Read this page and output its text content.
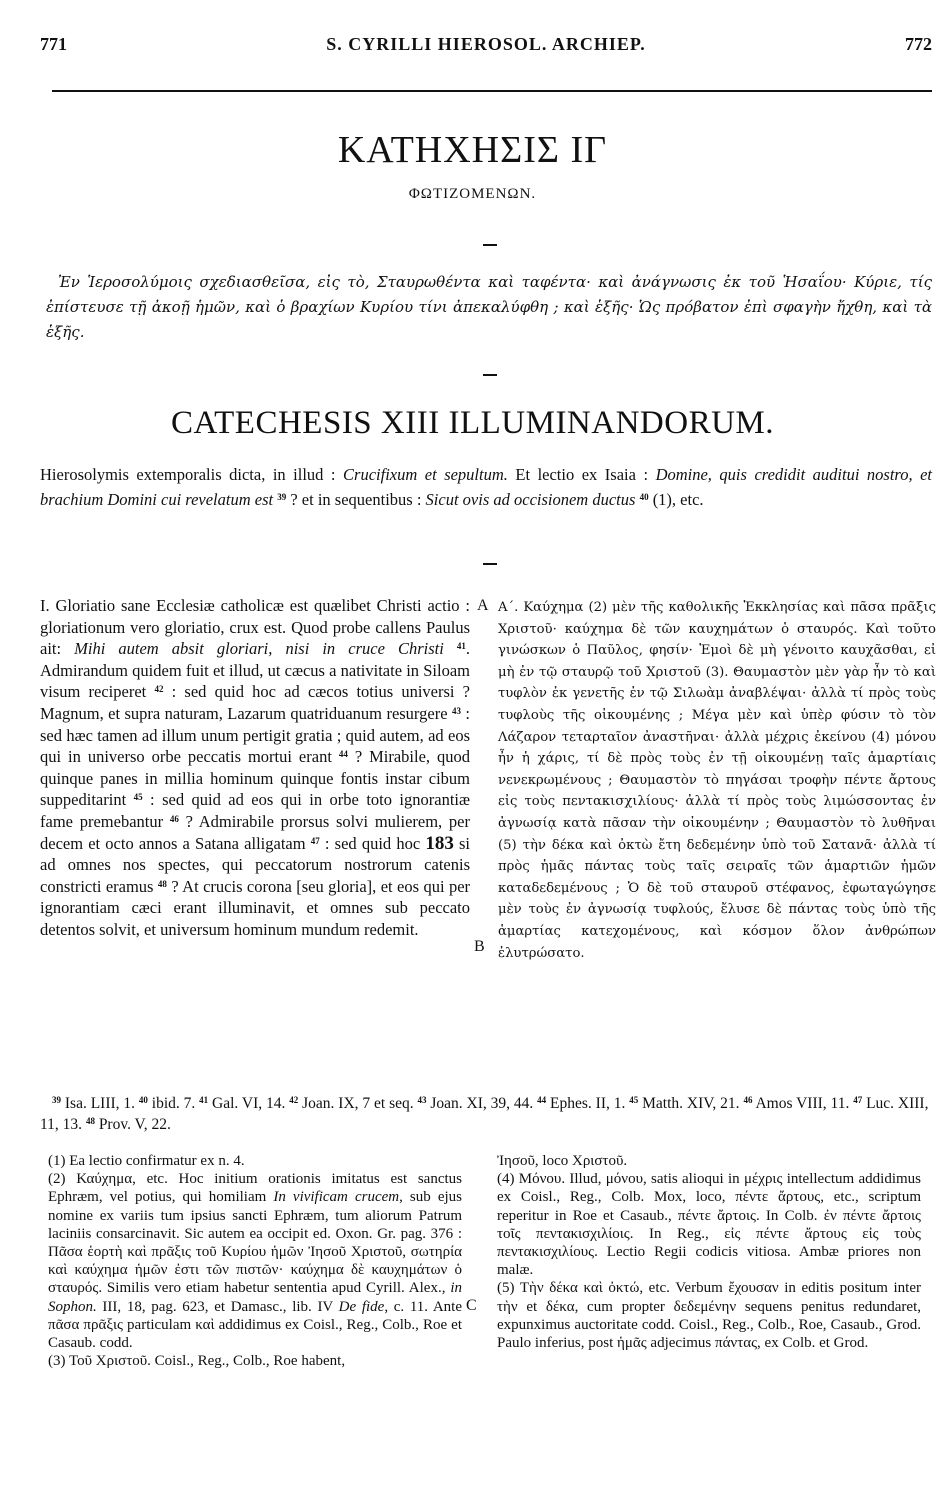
771	S. CYRILLI HIEROSOL. ARCHIEP.	772
ΚΑΤΗΧΗΣΙΣ ΙΓ
ΦΩΤΙΖΟΜΕΝΩΝ.

Ἐν Ἱεροσολύμοις σχεδιασθεῖσα, εἰς τὸ, Σταυρωθέντα καὶ ταφέντα· καὶ ἀνάγνωσις ἐκ τοῦ Ἡσαΐου· Κύριε, τίς ἐπίστευσε τῇ ἀκοῇ ἡμῶν, καὶ ὁ βραχίων Κυρίου τίνι ἀπεκαλύφθη ; καὶ ἑξῆς· Ὡς πρόβατον ἐπὶ σφαγὴν ἤχθη, καὶ τὰ ἑξῆς.

CATECHESIS XIII ILLUMINANDORUM.

Hierosolymis extemporalis dicta, in illud : Crucifixum et sepultum. Et lectio ex Isaia : Domine, quis credidit auditui nostro, et brachium Domini cui revelatum est $^{39}$ ? et in sequentibus : Sicut ovis ad occisionem ductus $^{40}$ (1), etc.

I. Gloriatio sane Ecclesiæ catholicæ est quælibet Christi actio : gloriationum vero gloriatio, crux est. Quod probe callens Paulus ait: Mihi autem absit gloriari, nisi in cruce Christi $^{41}$. Admirandum quidem fuit et illud, ut cæcus a nativitate in Siloam visum reciperet $^{42}$ : sed quid hoc ad cæcos totius universi ? Magnum, et supra naturam, Lazarum quatriduanum resurgere $^{43}$ : sed hæc tamen ad illum unum pertigit gratia ; quid autem, ad eos qui in universo orbe peccatis mortui erant $^{44}$ ? Mirabile, quod quinque panes in millia hominum quinque fontis instar cibum suppeditarint $^{45}$ : sed quid ad eos qui in orbe toto ignorantiæ fame premebantur $^{46}$ ? Admirabile prorsus solvi mulierem, per decem et octo annos a Satana alligatam $^{47}$ : sed quid hoc 183 si ad omnes nos spectes, qui peccatorum nostrorum catenis constricti eramus $^{48}$ ? At crucis corona [seu gloria], et eos qui per ignorantiam cæci erant illuminavit, et omnes sub peccato detentos solvit, et universum hominum mundum redemit.

Α΄. Καύχημα (2) μὲν τῆς καθολικῆς Ἐκκλησίας καὶ πᾶσα πρᾶξις Χριστοῦ· καύχημα δὲ τῶν καυχημάτων ὁ σταυρός. Καὶ τοῦτο γινώσκων ὁ Παῦλος, φησίν· Ἐμοὶ δὲ μὴ γένοιτο καυχᾶσθαι, εἰ μὴ ἐν τῷ σταυρῷ τοῦ Χριστοῦ (3). Θαυμαστὸν μὲν γὰρ ἦν τὸ καὶ τυφλὸν ἐκ γενετῆς ἐν τῷ Σιλωὰμ ἀναβλέψαι· ἀλλὰ τί πρὸς τοὺς τυφλοὺς τῆς οἰκουμένης ; Μέγα μὲν καὶ ὑπὲρ φύσιν τὸ τὸν Λάζαρον τεταρταῖον ἀναστῆναι· ἀλλὰ μέχρις ἐκείνου (4) μόνου ἦν ἡ χάρις, τί δὲ πρὸς τοὺς ἐν τῇ οἰκουμένῃ ταῖς ἁμαρτίαις νενεκρωμένους ; Θαυμαστὸν τὸ πηγάσαι τροφὴν πέντε ἄρτους εἰς τοὺς πεντακισχιλίους· ἀλλὰ τί πρὸς τοὺς λιμώσσοντας ἐν ἀγνωσίᾳ κατὰ πᾶσαν τὴν οἰκουμένην ; Θαυμαστὸν τὸ λυθῆναι (5) τὴν δέκα καὶ ὀκτὼ ἔτη δεδεμένην ὑπὸ τοῦ Σατανᾶ· ἀλλὰ τί πρὸς ἡμᾶς πάντας τοὺς ταῖς σειραῖς τῶν ἁμαρτιῶν ἡμῶν καταδεδεμένους ; Ὁ δὲ τοῦ σταυροῦ στέφανος, ἐφωταγώγησε μὲν τοὺς ἐν ἀγνωσίᾳ τυφλούς, ἔλυσε δὲ πάντας τοὺς ὑπὸ τῆς ἁμαρτίας κατεχομένους, καὶ κόσμον ὅλον ἀνθρώπων ἐλυτρώσατο.

A
B
C

$^{39}$ Isa. LIII, 1. $^{40}$ ibid. 7. $^{41}$ Gal. VI, 14. $^{42}$ Joan. IX, 7 et seq. $^{43}$ Joan. XI, 39, 44. $^{44}$ Ephes. II, 1. $^{45}$ Matth. XIV, 21. $^{46}$ Amos VIII, 11. $^{47}$ Luc. XIII, 11, 13. $^{48}$ Prov. V, 22.

(1) Ea lectio confirmatur ex n. 4.

(2) Καύχημα, etc. Hoc initium orationis imitatus est sanctus Ephræm, vel potius, qui homiliam In vivificam crucem, sub ejus nomine ex variis tum ipsius sancti Ephræm, tum aliorum Patrum laciniis consarcinavit. Sic autem ea occipit ed. Oxon. Gr. pag. 376 : Πᾶσα ἑορτὴ καὶ πρᾶξις τοῦ Κυρίου ἡμῶν Ἰησοῦ Χριστοῦ, σωτηρία καὶ καύχημα ἡμῶν ἐστι τῶν πιστῶν· καύχημα δὲ καυχημάτων ὁ σταυρός. Similis vero etiam habetur sententia apud Cyrill. Alex., in Sophon. III, 18, pag. 623, et Damasc., lib. IV De fide, c. 11. Ante πᾶσα πρᾶξις particulam καὶ addidimus ex Coisl., Reg., Colb., Roe et Casaub. codd.

(3) Τοῦ Χριστοῦ. Coisl., Reg., Colb., Roe habent,

Ἰησοῦ, loco Χριστοῦ.

(4) Μόνου. Illud, μόνου, satis alioqui in μέχρις intellectum addidimus ex Coisl., Reg., Colb. Mox, loco, πέντε ἄρτους, etc., scriptum reperitur in Roe et Casaub., πέντε ἄρτοις. In Colb. ἐν πέντε ἄρτοις τοῖς πεντακισχιλίοις. In Reg., εἰς πέντε ἄρτους εἰς τοὺς πεντακισχιλίους. Lectio Regii codicis vitiosa. Ambæ priores non malæ.

(5) Τὴν δέκα καὶ ὀκτώ, etc. Verbum ἔχουσαν in editis positum inter τὴν et δέκα, cum propter δεδεμένην sequens penitus redundaret, expunximus auctoritate codd. Coisl., Reg., Colb., Roe, Casaub., Grod. Paulo inferius, post ἡμᾶς adjecimus πάντας, ex Colb. et Grod.
